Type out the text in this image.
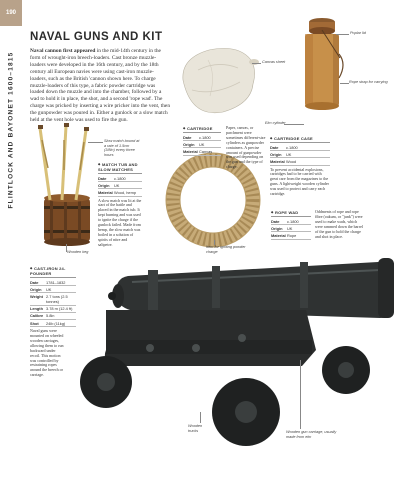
190
FLINTLOCK AND BAYONET 1600–1815
NAVAL GUNS AND KIT
Naval cannon first appeared in the mid-14th century in the form of wrought-iron breech-loaders. Cast bronze muzzle-loaders were developed in the 16th century, and by the 18th century all European navies were using cast-iron muzzle-loaders, such as the British 'cannon shown here. To charge muzzle-loaders of this type, a fabric powder cartridge was loaded down the muzzle and into the chamber, followed by a wad to hold it in place, the shot, and a second 'rope wad'. The charge was pricked by inserting a wire pricker into the vent, then the gunpowder was poured in. Either a gunlock or a slow match held at the vent hole was used to fire the gun.
Poplar lid
Canvas sheet
Rope strap for carrying
Elm cylinder
Slow match bound at a rate of 1.5cm (3/8in) every three hours
Wooden keg
Item for igniting powder charge
Wooden trucks	Wooden gun carriage, usually made from elm
◆ CARTRIDGE
Date	c.1800
Origin	UK
Material Canvas
Paper, canvas, or parchment were sometimes different-size cylinders as gunpowder containers. A precise amount of gunpowder was used depending on the gun and the type of charge.
◆ CARTRIDGE CASE
Date	c.1800
Origin	UK
Material Wood
To prevent accidental explosions, cartridges had to be carried with great care from the magazines to the guns. A lightweight wooden cylinder was used to protect and carry each cartridge.
◆ MATCH TUB AND SLOW MATCHES
Date	c.1800
Origin	UK
Material Wood, hemp
A slow match was lit at the start of the battle and placed in the match tub. It kept burning and was used to ignite the charge if the gunlock failed. Made from hemp, the slow match was boiled in a solution of spirits of nitre and saltpetre.
◆ ROPE WAD
Date	c.1800
Origin	UK
Material Rope
Oddments of rope and rope fibre (oakum, or "junk") were used to make wads, which were rammed down the barrel of the gun to hold the charge and shot in place.
◆ CAST-IRON 24-POUNDER
Date	1781–1832
Origin	UK
Weight 2.7 tons (2.5 tonnes)
Length 3.78 m (12.4 ft)
Calibre 5.8in
Shot	24lb (11kg)
Naval guns were mounted on wheeled wooden carriages, allowing them to run backward under recoil. This motion was controlled by restraining ropes around the breech or carriage.
